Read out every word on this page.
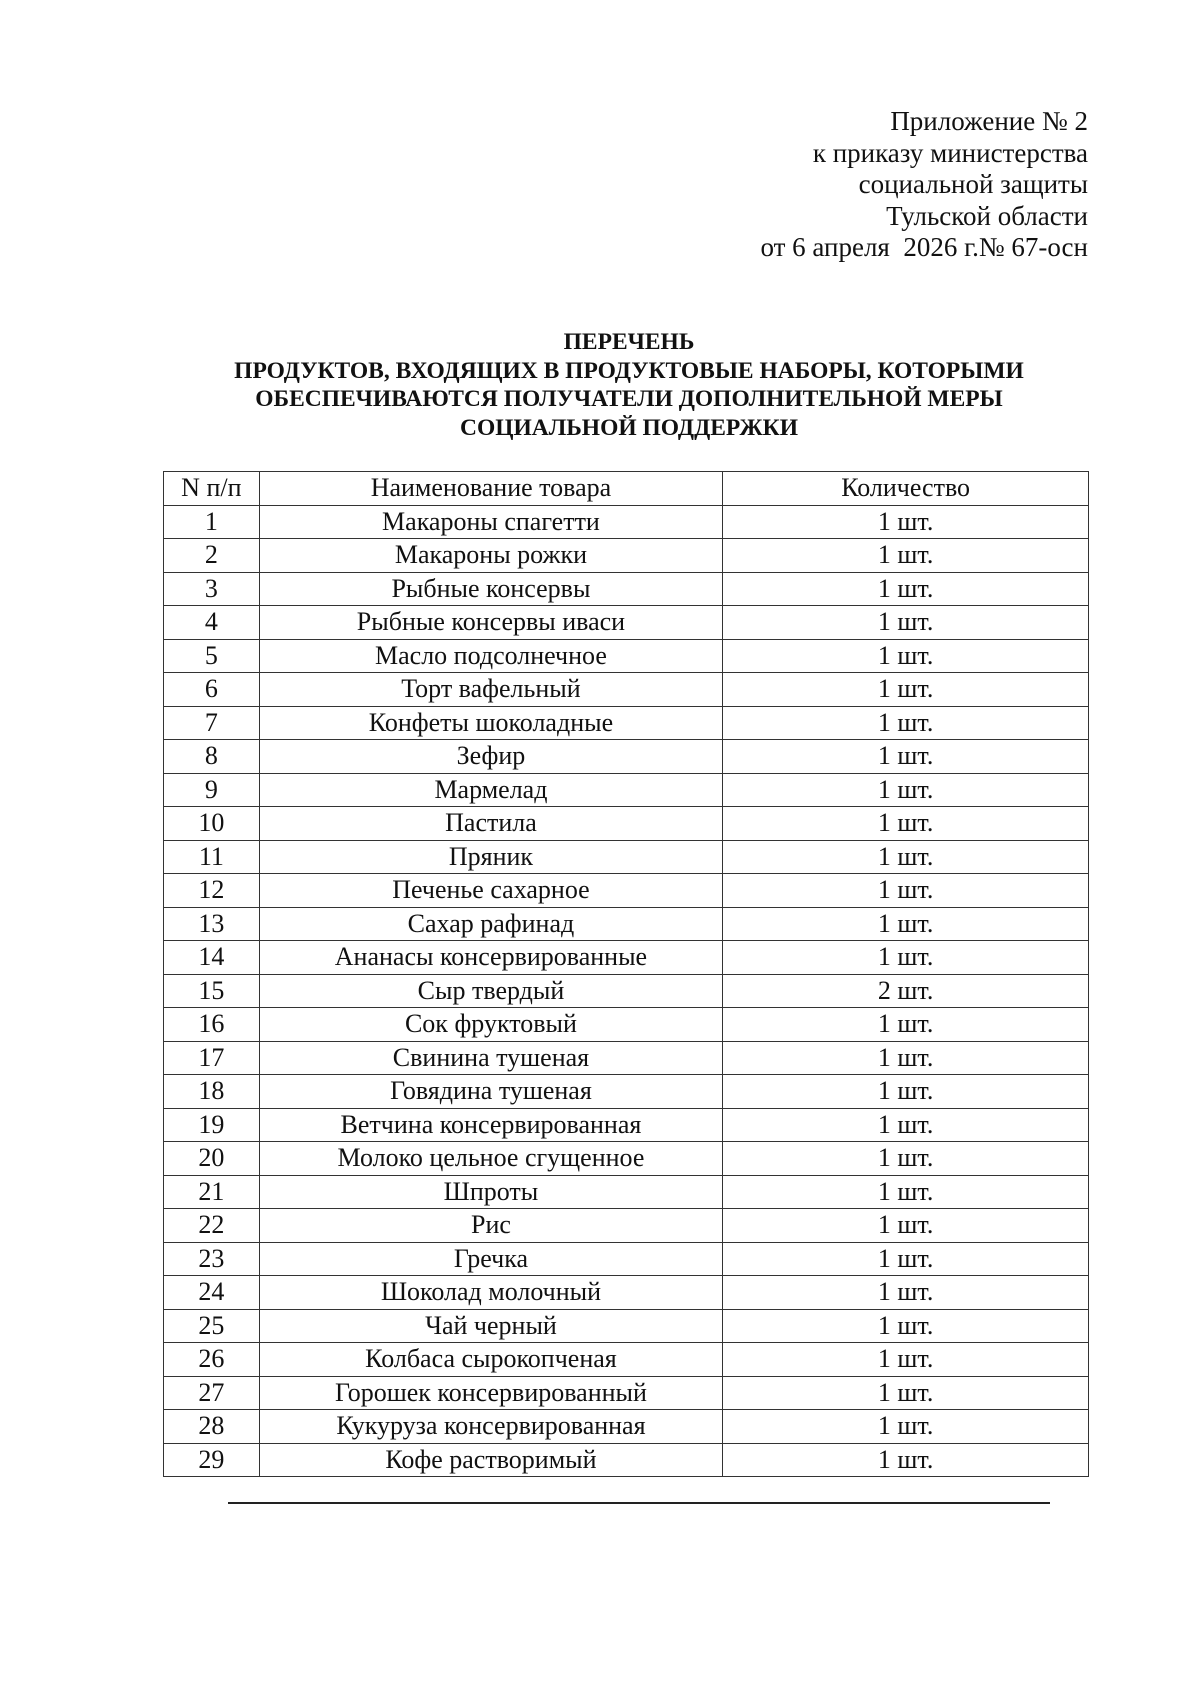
Приложение № 2
к приказу министерства
социальной защиты
Тульской области
от 6 апреля  2026 г.№ 67-осн
ПЕРЕЧЕНЬ
ПРОДУКТОВ, ВХОДЯЩИХ В ПРОДУКТОВЫЕ НАБОРЫ, КОТОРЫМИ
ОБЕСПЕЧИВАЮТСЯ ПОЛУЧАТЕЛИ ДОПОЛНИТЕЛЬНОЙ МЕРЫ
СОЦИАЛЬНОЙ ПОДДЕРЖКИ
N п/п	Наименование товара	Количество
1	Макароны спагетти	1 шт.
2	Макароны рожки	1 шт.
3	Рыбные консервы	1 шт.
4	Рыбные консервы иваси	1 шт.
5	Масло подсолнечное	1 шт.
6	Торт вафельный	1 шт.
7	Конфеты шоколадные	1 шт.
8	Зефир	1 шт.
9	Мармелад	1 шт.
10	Пастила	1 шт.
11	Пряник	1 шт.
12	Печенье сахарное	1 шт.
13	Сахар рафинад	1 шт.
14	Ананасы консервированные	1 шт.
15	Сыр твердый	2 шт.
16	Сок фруктовый	1 шт.
17	Свинина тушеная	1 шт.
18	Говядина тушеная	1 шт.
19	Ветчина консервированная	1 шт.
20	Молоко цельное сгущенное	1 шт.
21	Шпроты	1 шт.
22	Рис	1 шт.
23	Гречка	1 шт.
24	Шоколад молочный	1 шт.
25	Чай черный	1 шт.
26	Колбаса сырокопченая	1 шт.
27	Горошек консервированный	1 шт.
28	Кукуруза консервированная	1 шт.
29	Кофе растворимый	1 шт.
